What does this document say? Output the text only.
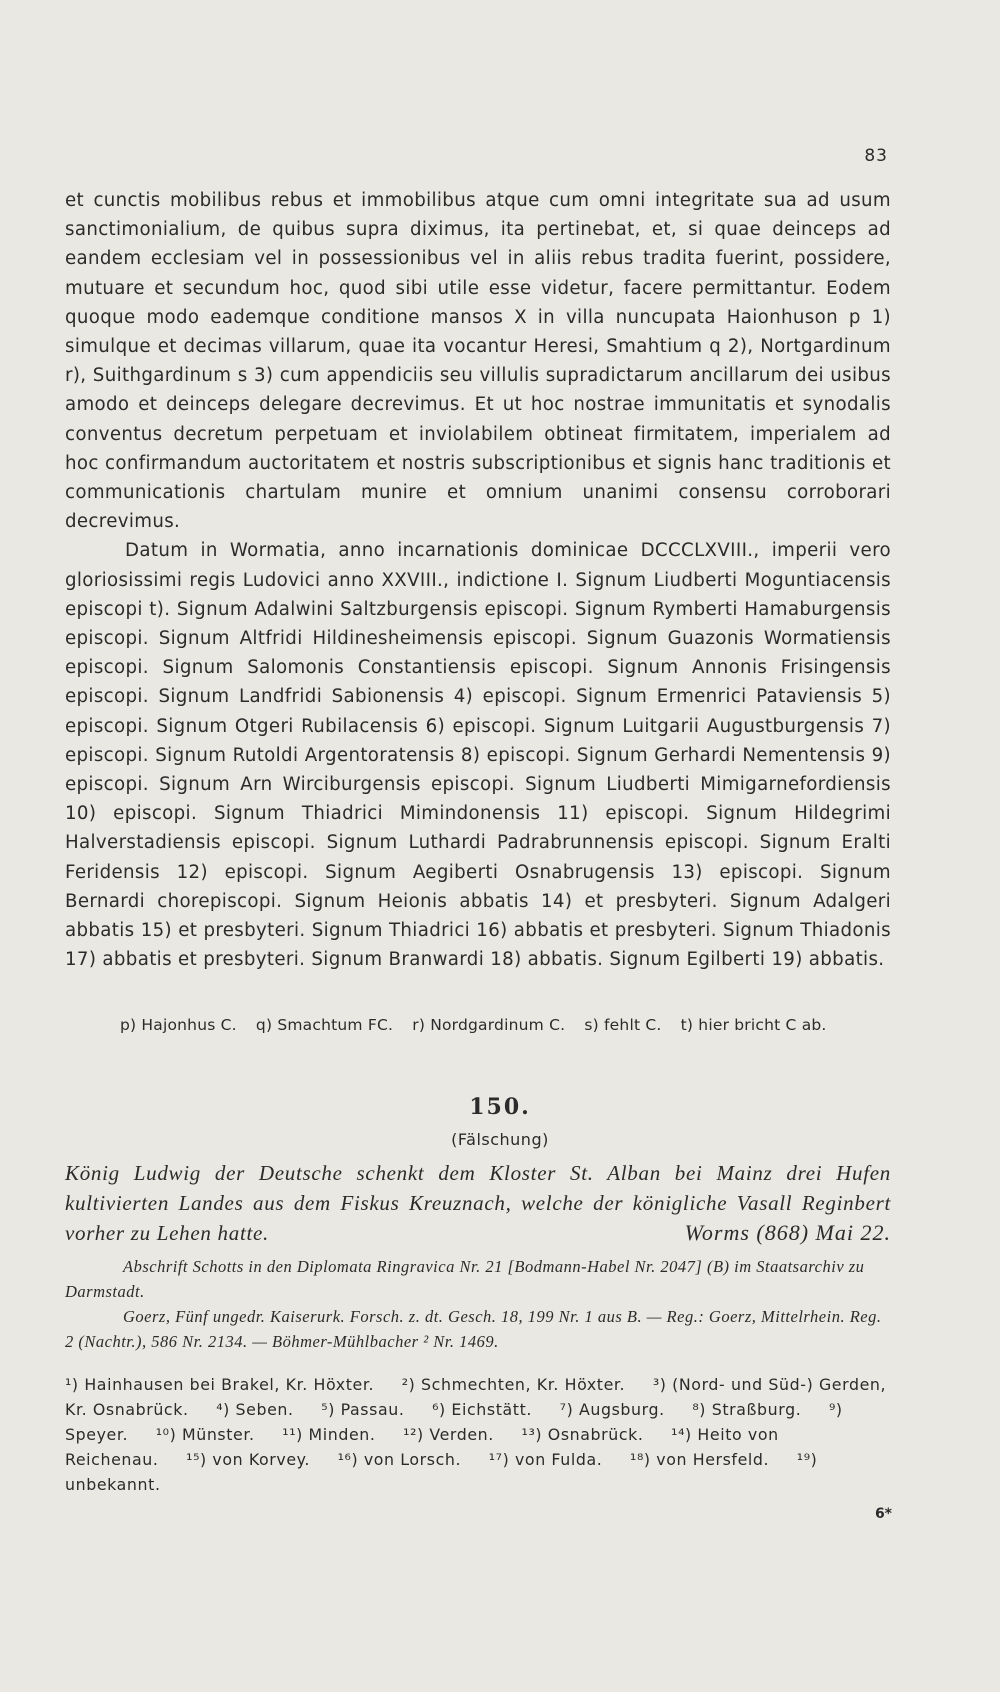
83

et cunctis mobilibus rebus et immobilibus atque cum omni integritate sua ad usum sanctimonialium, de quibus supra diximus, ita pertinebat, et, si quae deinceps ad eandem ecclesiam vel in possessionibus vel in aliis rebus tradita fuerint, possidere, mutuare et secundum hoc, quod sibi utile esse videtur, facere permittantur. Eodem quoque modo eademque conditione mansos X in villa nuncupata Haionhuson p 1) simulque et decimas villarum, quae ita vocantur Heresi, Smahtium q 2), Nortgardinum r), Suithgardinum s 3) cum appendiciis seu villulis supradictarum ancillarum dei usibus amodo et deinceps delegare decrevimus. Et ut hoc nostrae immunitatis et synodalis conventus decretum perpetuam et inviolabilem obtineat firmitatem, imperialem ad hoc confirmandum auctoritatem et nostris subscriptionibus et signis hanc traditionis et communicationis chartulam munire et omnium unanimi consensu corroborari decrevimus.

Datum in Wormatia, anno incarnationis dominicae DCCCLXVIII., imperii vero gloriosissimi regis Ludovici anno XXVIII., indictione I. Signum Liudberti Moguntiacensis episcopi t). Signum Adalwini Saltzburgensis episcopi. Signum Rymberti Hamaburgensis episcopi. Signum Altfridi Hildinesheimensis episcopi. Signum Guazonis Wormatiensis episcopi. Signum Salomonis Constantiensis episcopi. Signum Annonis Frisingensis episcopi. Signum Landfridi Sabionensis 4) episcopi. Signum Ermenrici Pataviensis 5) episcopi. Signum Otgeri Rubilacensis 6) episcopi. Signum Luitgarii Augustburgensis 7) episcopi. Signum Rutoldi Argentoratensis 8) episcopi. Signum Gerhardi Nementensis 9) episcopi. Signum Arn Wirciburgensis episcopi. Signum Liudberti Mimigarnefordiensis 10) episcopi. Signum Thiadrici Mimindonensis 11) episcopi. Signum Hildegrimi Halverstadiensis episcopi. Signum Luthardi Padrabrunnensis episcopi. Signum Eralti Feridensis 12) episcopi. Signum Aegiberti Osnabrugensis 13) episcopi. Signum Bernardi chorepiscopi. Signum Heionis abbatis 14) et presbyteri. Signum Adalgeri abbatis 15) et presbyteri. Signum Thiadrici 16) abbatis et presbyteri. Signum Thiadonis 17) abbatis et presbyteri. Signum Branwardi 18) abbatis. Signum Egilberti 19) abbatis.

p) Hajonhus C. q) Smachtum FC. r) Nordgardinum C. s) fehlt C. t) hier bricht C ab.
150.
(Fälschung)
König Ludwig der Deutsche schenkt dem Kloster St. Alban bei Mainz drei Hufen kultivierten Landes aus dem Fiskus Kreuznach, welche der königliche Vasall Reginbert vorher zu Lehen hatte.	Worms (868) Mai 22.

Abschrift Schotts in den Diplomata Ringravica Nr. 21 [Bodmann-Habel Nr. 2047] (B) im Staatsarchiv zu Darmstadt.

Goerz, Fünf ungedr. Kaiserurk. Forsch. z. dt. Gesch. 18, 199 Nr. 1 aus B. — Reg.: Goerz, Mittelrhein. Reg. 2 (Nachtr.), 586 Nr. 2134. — Böhmer-Mühlbacher ² Nr. 1469.

¹) Hainhausen bei Brakel, Kr. Höxter. ²) Schmechten, Kr. Höxter. ³) (Nord- und Süd-) Gerden, Kr. Osnabrück. ⁴) Seben. ⁵) Passau. ⁶) Eichstätt. ⁷) Augsburg. ⁸) Straßburg. ⁹) Speyer. ¹⁰) Münster. ¹¹) Minden. ¹²) Verden. ¹³) Osnabrück. ¹⁴) Heito von Reichenau. ¹⁵) von Korvey. ¹⁶) von Lorsch. ¹⁷) von Fulda. ¹⁸) von Hersfeld. ¹⁹) unbekannt.
6*
